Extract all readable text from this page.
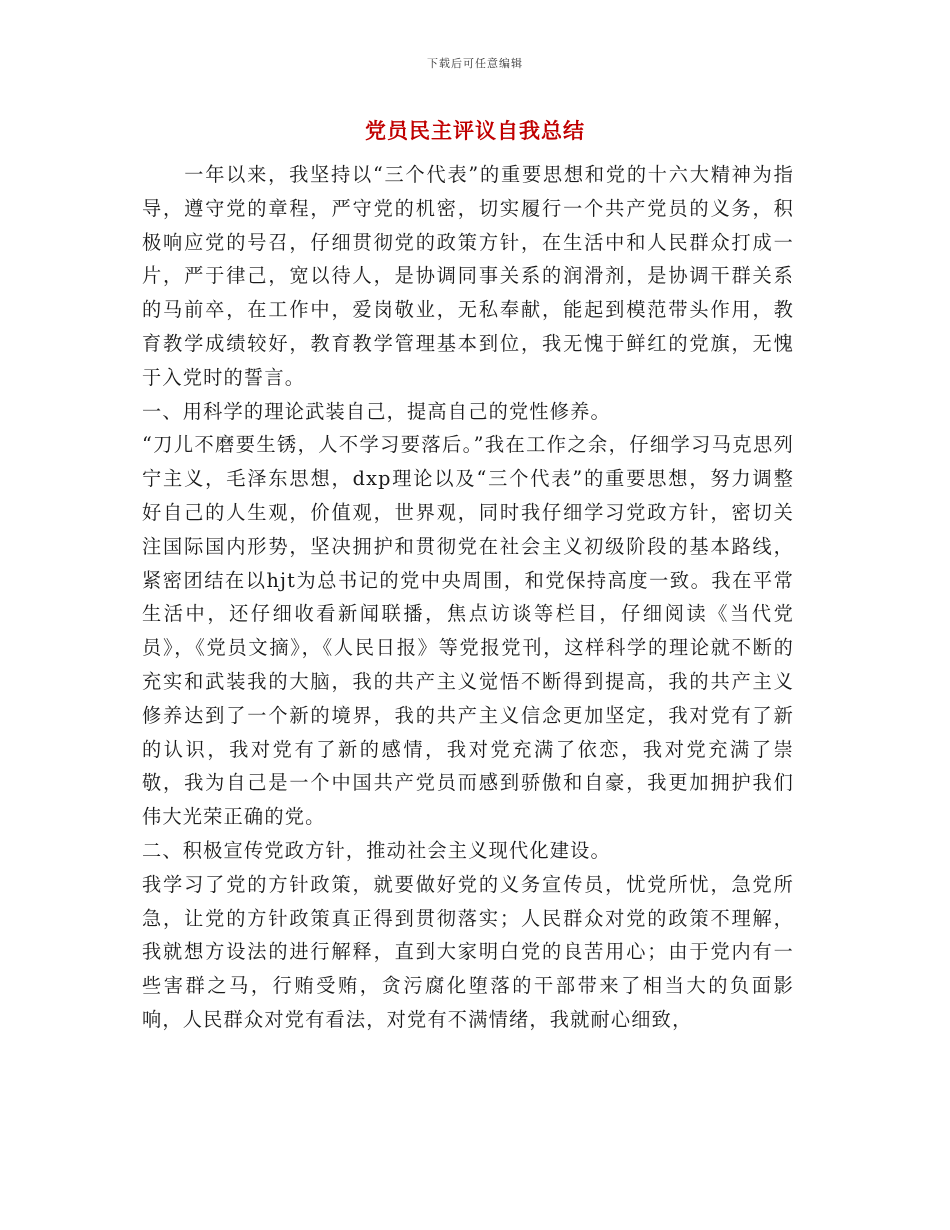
下载后可任意编辑
党员民主评议自我总结

一年以来，我坚持以“三个代表”的重要思想和党的十六大精神为指导，遵守党的章程，严守党的机密，切实履行一个共产党员的义务，积极响应党的号召，仔细贯彻党的政策方针，在生活中和人民群众打成一片，严于律己，宽以待人，是协调同事关系的润滑剂，是协调干群关系的马前卒，在工作中，爱岗敬业，无私奉献，能起到模范带头作用，教育教学成绩较好，教育教学管理基本到位，我无愧于鲜红的党旗，无愧于入党时的誓言。

一、用科学的理论武装自己，提高自己的党性修养。

“刀儿不磨要生锈，人不学习要落后。”我在工作之余，仔细学习马克思列宁主义，毛泽东思想，dxp理论以及“三个代表”的重要思想，努力调整好自己的人生观，价值观，世界观，同时我仔细学习党政方针，密切关注国际国内形势，坚决拥护和贯彻党在社会主义初级阶段的基本路线，紧密团结在以hjt为总书记的党中央周围，和党保持高度一致。我在平常生活中，还仔细收看新闻联播，焦点访谈等栏目，仔细阅读《当代党员》，《党员文摘》，《人民日报》等党报党刊，这样科学的理论就不断的充实和武装我的大脑，我的共产主义觉悟不断得到提高，我的共产主义修养达到了一个新的境界，我的共产主义信念更加坚定，我对党有了新的认识，我对党有了新的感情，我对党充满了依恋，我对党充满了崇敬，我为自己是一个中国共产党员而感到骄傲和自豪，我更加拥护我们伟大光荣正确的党。

二、积极宣传党政方针，推动社会主义现代化建设。

我学习了党的方针政策，就要做好党的义务宣传员，忧党所忧，急党所急，让党的方针政策真正得到贯彻落实；人民群众对党的政策不理解，我就想方设法的进行解释，直到大家明白党的良苦用心；由于党内有一些害群之马，行贿受贿，贪污腐化堕落的干部带来了相当大的负面影响，人民群众对党有看法，对党有不满情绪，我就耐心细致，
